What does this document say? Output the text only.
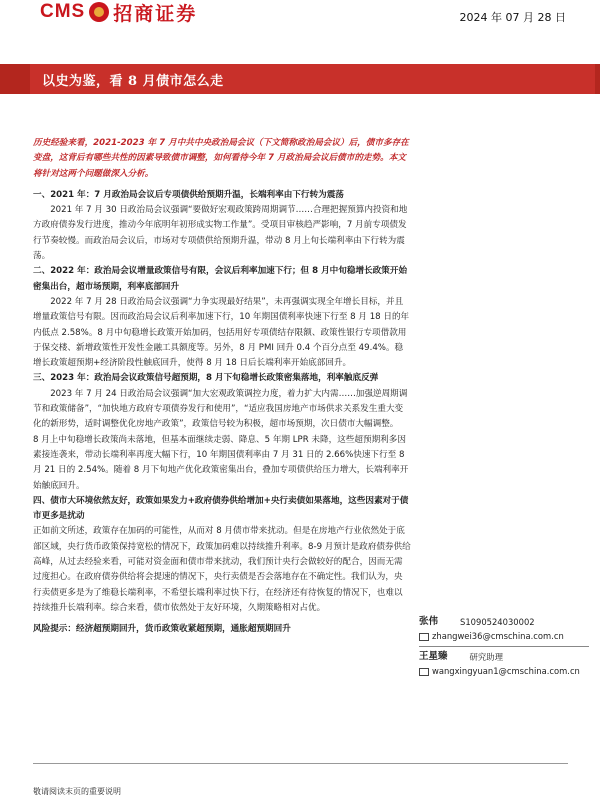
CMS 招商证券	2024 年 07 月 28 日
以史为鉴，看 8 月债市怎么走

历史经验来看，2021-2023 年 7 月中共中央政治局会议（下文简称政治局会议）后，债市多存在变盘，这背后有哪些共性的因素导致债市调整，如何看待今年 7 月政治局会议后债市的走势。本文将针对这两个问题做深入分析。

一、2021 年：7 月政治局会议后专项债供给预期升温，长端利率由下行转为震荡

2021 年 7 月 30 日政治局会议强调“要做好宏观政策跨周期调节……合理把握预算内投资和地方政府债券发行进度，推动今年底明年初形成实物工作量”。受项目审核趋严影响，7 月前专项债发行节奏较慢。而政治局会议后，市场对专项债供给预期升温，带动 8 月上旬长端利率由下行转为震荡。

二、2022 年：政治局会议增量政策信号有限，会议后利率加速下行；但 8 月中旬稳增长政策开始密集出台，超市场预期，利率底部回升

2022 年 7 月 28 日政治局会议强调“力争实现最好结果”，未再强调实现全年增长目标，并且增量政策信号有限。因而政治局会议后利率加速下行，10 年期国债利率快速下行至 8 月 18 日的年内低点 2.58%。8 月中旬稳增长政策开始加码，包括用好专项债结存限额、政策性银行专项借款用于保交楼、新增政策性开发性金融工具额度等。另外，8 月 PMI 回升 0.4 个百分点至 49.4%。稳增长政策超预期+经济阶段性触底回升，使得 8 月 18 日后长端利率开始底部回升。

三、2023 年：政治局会议政策信号超预期，8 月下旬稳增长政策密集落地，利率触底反弹

2023 年 7 月 24 日政治局会议强调“加大宏观政策调控力度，着力扩大内需……加强逆周期调节和政策储备”，“加快地方政府专项债券发行和使用”，“适应我国房地产市场供求关系发生重大变化的新形势，适时调整优化房地产政策”，政策信号较为积极，超市场预期，次日债市大幅调整。

8 月上中旬稳增长政策尚未落地，但基本面继续走弱、降息、5 年期 LPR 未降，这些超预期利多因素接连袭来，带动长端利率再度大幅下行，10 年期国债利率由 7 月 31 日的 2.66%快速下行至 8 月 21 日的 2.54%。随着 8 月下旬地产优化政策密集出台，叠加专项债供给压力增大，长端利率开始触底回升。

四、债市大环境依然友好，政策如果发力+政府债券供给增加+央行卖债如果落地，这些因素对于债市更多是扰动

正如前文所述，政策存在加码的可能性，从而对 8 月债市带来扰动。但是在房地产行业依然处于底部区域，央行货币政策保持宽松的情况下，政策加码难以持续推升利率。8-9 月预计是政府债券供给高峰，从过去经验来看，可能对资金面和债市带来扰动，我们预计央行会做较好的配合，因而无需过度担心。在政府债券供给将会提速的情况下，央行卖债是否会落地存在不确定性。我们认为，央行卖债更多是为了维稳长端利率，不希望长端利率过快下行，在经济还有待恢复的情况下，也难以持续推升长端利率。综合来看，债市依然处于友好环境，久期策略相对占优。

风险提示：经济超预期回升，货币政策收紧超预期，通胀超预期回升

张伟	S1090524030002
zhangwei36@cmschina.com.cn
王星臻	研究助理
wangxingyuan1@cmschina.com.cn
敬请阅读末页的重要说明
